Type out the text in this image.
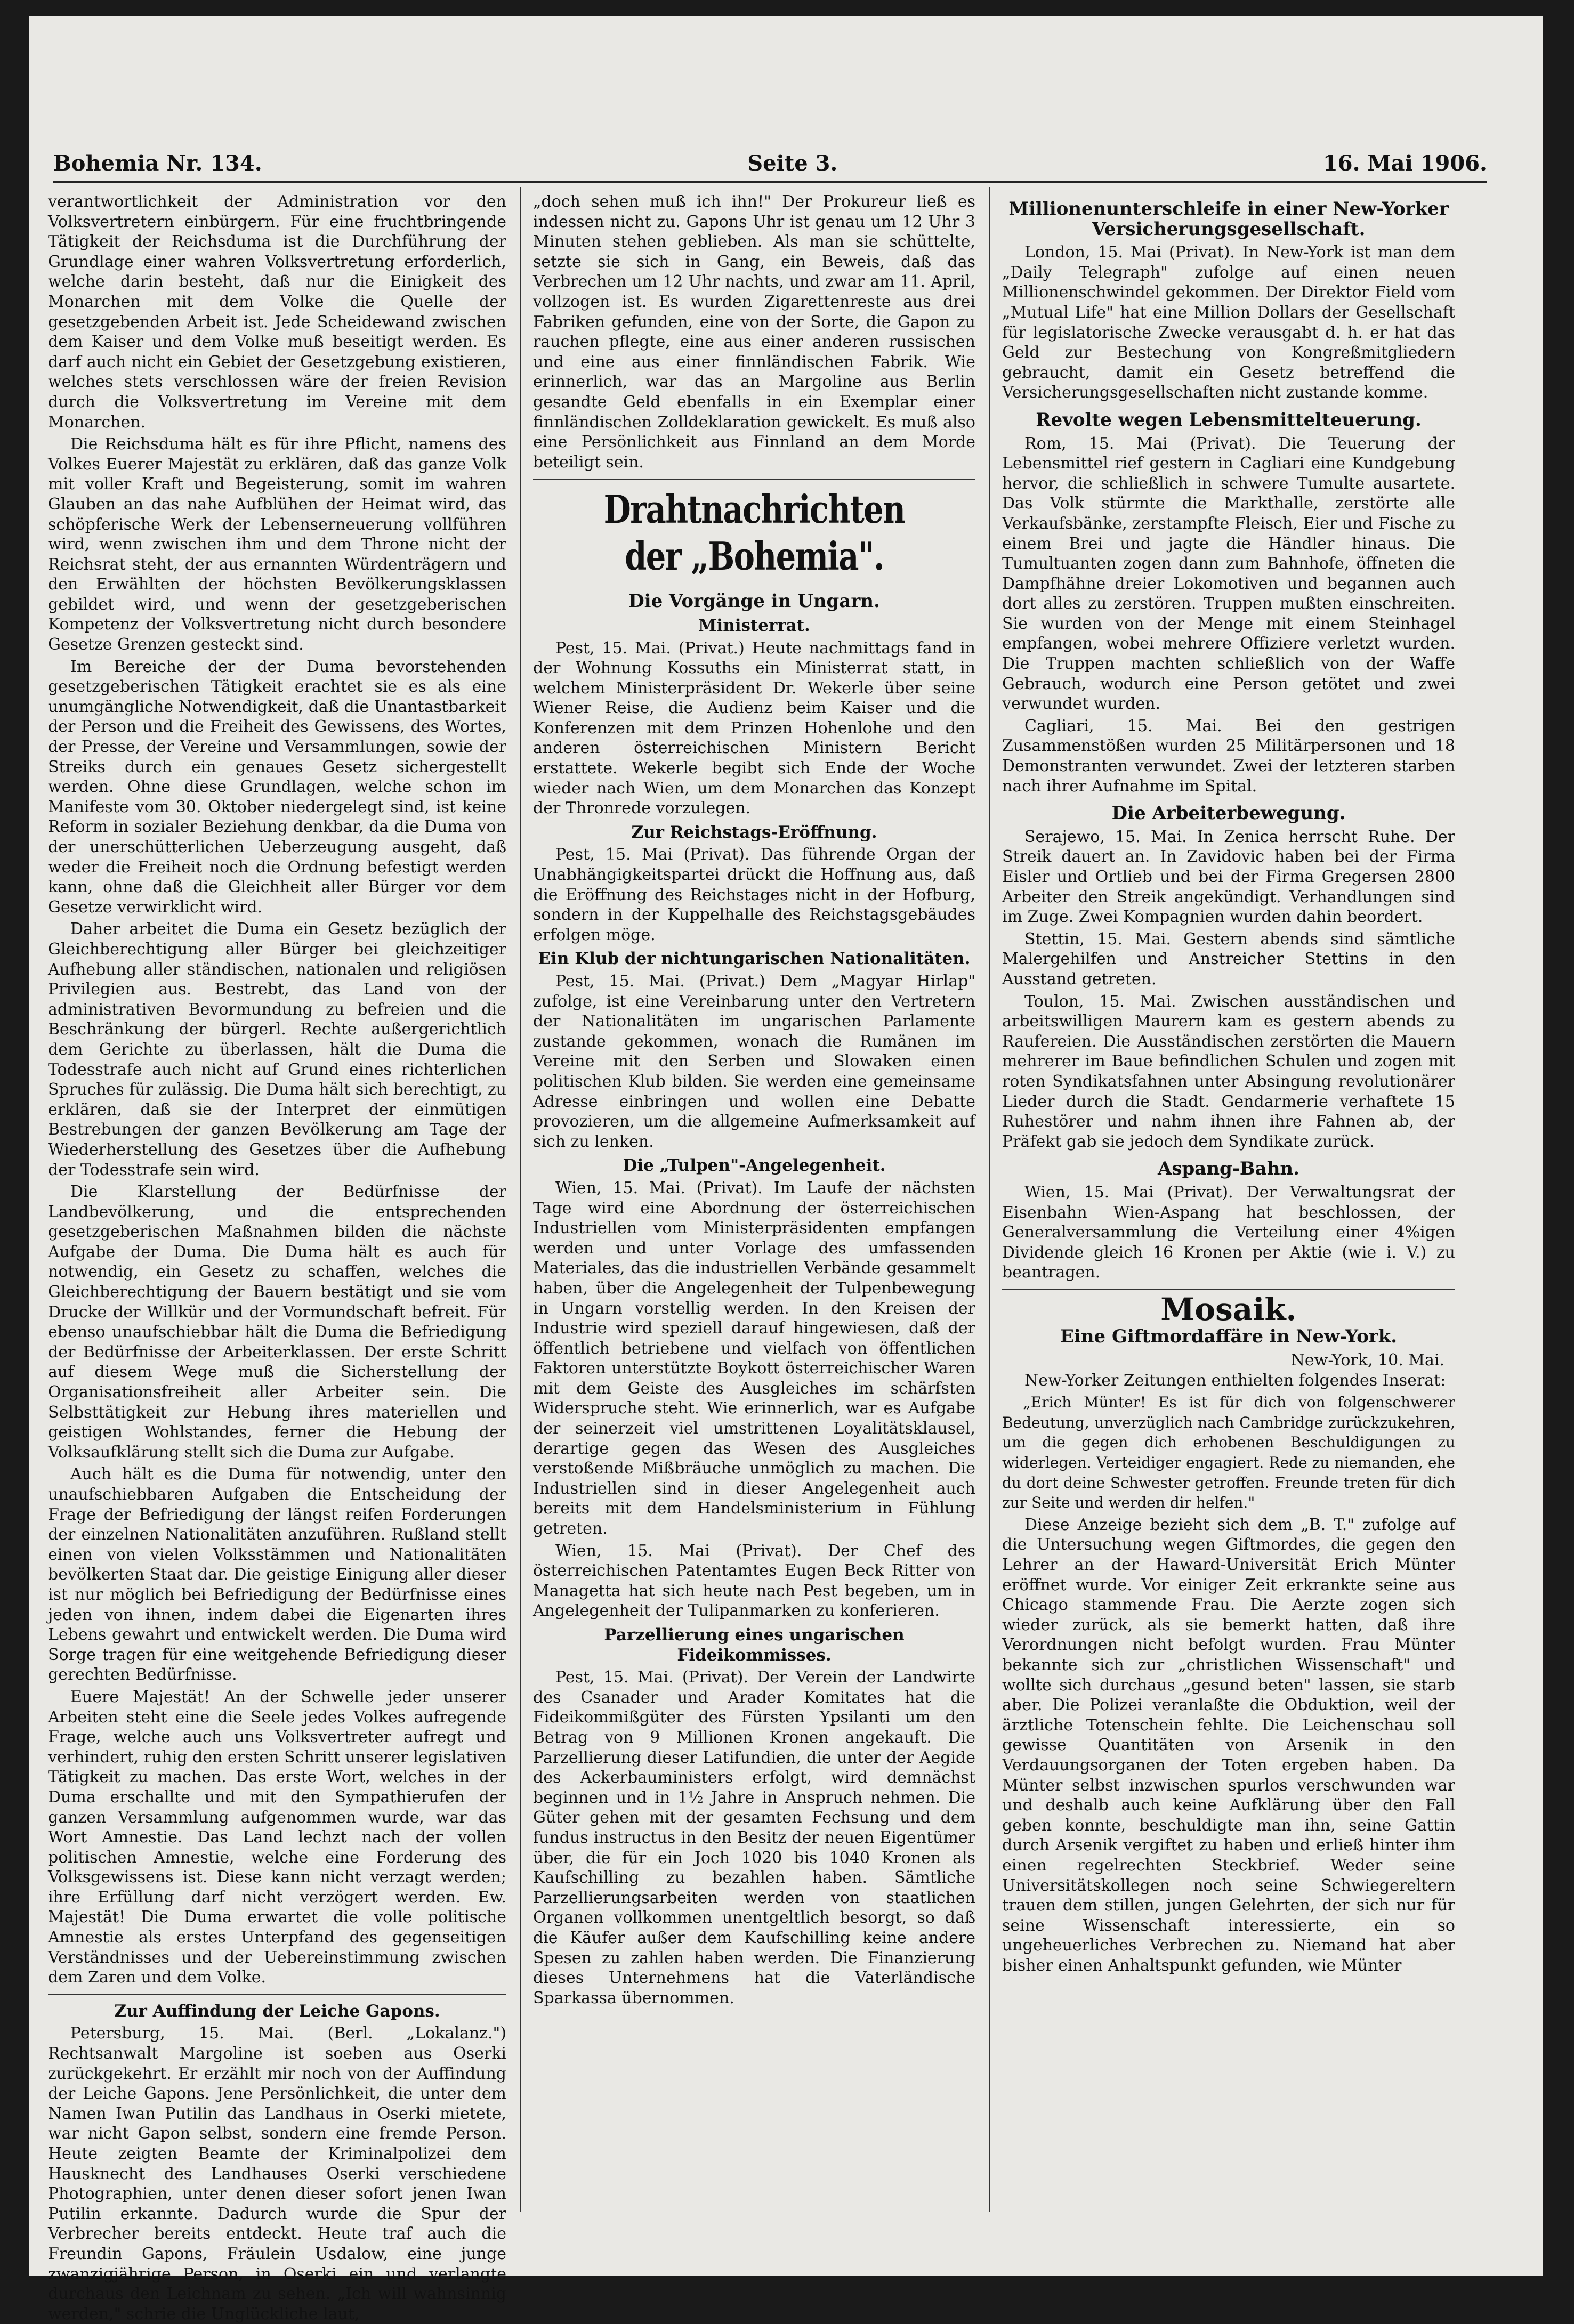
Bohemia Nr. 134.	Seite 3.	16. Mai 1906.

verantwortlichkeit der Administration vor den Volksvertretern einbürgern. Für eine fruchtbringende Tätigkeit der Reichsduma ist die Durchführung der Grundlage einer wahren Volksvertretung erforderlich, welche darin besteht, daß nur die Einigkeit des Monarchen mit dem Volke die Quelle der gesetzgebenden Arbeit ist. Jede Scheidewand zwischen dem Kaiser und dem Volke muß beseitigt werden. Es darf auch nicht ein Gebiet der Gesetzgebung existieren, welches stets verschlossen wäre der freien Revision durch die Volksvertretung im Vereine mit dem Monarchen.

Die Reichsduma hält es für ihre Pflicht, namens des Volkes Euerer Majestät zu erklären, daß das ganze Volk mit voller Kraft und Begeisterung, somit im wahren Glauben an das nahe Aufblühen der Heimat wird, das schöpferische Werk der Lebenserneuerung vollführen wird, wenn zwischen ihm und dem Throne nicht der Reichsrat steht, der aus ernannten Würdenträgern und den Erwählten der höchsten Bevölkerungsklassen gebildet wird, und wenn der gesetzgeberischen Kompetenz der Volksvertretung nicht durch besondere Gesetze Grenzen gesteckt sind.

Im Bereiche der der Duma bevorstehenden gesetzgeberischen Tätigkeit erachtet sie es als eine unumgängliche Notwendigkeit, daß die Unantastbarkeit der Person und die Freiheit des Gewissens, des Wortes, der Presse, der Vereine und Versammlungen, sowie der Streiks durch ein genaues Gesetz sichergestellt werden. Ohne diese Grundlagen, welche schon im Manifeste vom 30. Oktober niedergelegt sind, ist keine Reform in sozialer Beziehung denkbar, da die Duma von der unerschütterlichen Ueberzeugung ausgeht, daß weder die Freiheit noch die Ordnung befestigt werden kann, ohne daß die Gleichheit aller Bürger vor dem Gesetze verwirklicht wird.

Daher arbeitet die Duma ein Gesetz bezüglich der Gleichberechtigung aller Bürger bei gleichzeitiger Aufhebung aller ständischen, nationalen und religiösen Privilegien aus. Bestrebt, das Land von der administrativen Bevormundung zu befreien und die Beschränkung der bürgerl. Rechte außergerichtlich dem Gerichte zu überlassen, hält die Duma die Todesstrafe auch nicht auf Grund eines richterlichen Spruches für zulässig. Die Duma hält sich berechtigt, zu erklären, daß sie der Interpret der einmütigen Bestrebungen der ganzen Bevölkerung am Tage der Wiederherstellung des Gesetzes über die Aufhebung der Todesstrafe sein wird.

Die Klarstellung der Bedürfnisse der Landbevölkerung, und die entsprechenden gesetzgeberischen Maßnahmen bilden die nächste Aufgabe der Duma. Die Duma hält es auch für notwendig, ein Gesetz zu schaffen, welches die Gleichberechtigung der Bauern bestätigt und sie vom Drucke der Willkür und der Vormundschaft befreit. Für ebenso unaufschiebbar hält die Duma die Befriedigung der Bedürfnisse der Arbeiterklassen. Der erste Schritt auf diesem Wege muß die Sicherstellung der Organisationsfreiheit aller Arbeiter sein. Die Selbsttätigkeit zur Hebung ihres materiellen und geistigen Wohlstandes, ferner die Hebung der Volksaufklärung stellt sich die Duma zur Aufgabe.

Auch hält es die Duma für notwendig, unter den unaufschiebbaren Aufgaben die Entscheidung der Frage der Befriedigung der längst reifen Forderungen der einzelnen Nationalitäten anzuführen. Rußland stellt einen von vielen Volksstämmen und Nationalitäten bevölkerten Staat dar. Die geistige Einigung aller dieser ist nur möglich bei Befriedigung der Bedürfnisse eines jeden von ihnen, indem dabei die Eigenarten ihres Lebens gewahrt und entwickelt werden. Die Duma wird Sorge tragen für eine weitgehende Befriedigung dieser gerechten Bedürfnisse.

Euere Majestät! An der Schwelle jeder unserer Arbeiten steht eine die Seele jedes Volkes aufregende Frage, welche auch uns Volksvertreter aufregt und verhindert, ruhig den ersten Schritt unserer legislativen Tätigkeit zu machen. Das erste Wort, welches in der Duma erschallte und mit den Sympathierufen der ganzen Versammlung aufgenommen wurde, war das Wort Amnestie. Das Land lechzt nach der vollen politischen Amnestie, welche eine Forderung des Volksgewissens ist. Diese kann nicht verzagt werden; ihre Erfüllung darf nicht verzögert werden. Ew. Majestät! Die Duma erwartet die volle politische Amnestie als erstes Unterpfand des gegenseitigen Verständnisses und der Uebereinstimmung zwischen dem Zaren und dem Volke.

Zur Auffindung der Leiche Gapons.

Petersburg, 15. Mai. (Berl. „Lokalanz.") Rechtsanwalt Margoline ist soeben aus Oserki zurückgekehrt. Er erzählt mir noch von der Auffindung der Leiche Gapons. Jene Persönlichkeit, die unter dem Namen Iwan Putilin das Landhaus in Oserki mietete, war nicht Gapon selbst, sondern eine fremde Person. Heute zeigten Beamte der Kriminalpolizei dem Hausknecht des Landhauses Oserki verschiedene Photographien, unter denen dieser sofort jenen Iwan Putilin erkannte. Dadurch wurde die Spur der Verbrecher bereits entdeckt. Heute traf auch die Freundin Gapons, Fräulein Usdalow, eine junge zwanzigjährige Person, in Oserki ein und verlangte durchaus den Leichnam zu sehen. „Ich will wahnsinnig werden," schrie die Unglückliche laut,

„doch sehen muß ich ihn!" Der Prokureur ließ es indessen nicht zu. Gapons Uhr ist genau um 12 Uhr 3 Minuten stehen geblieben. Als man sie schüttelte, setzte sie sich in Gang, ein Beweis, daß das Verbrechen um 12 Uhr nachts, und zwar am 11. April, vollzogen ist. Es wurden Zigarettenreste aus drei Fabriken gefunden, eine von der Sorte, die Gapon zu rauchen pflegte, eine aus einer anderen russischen und eine aus einer finnländischen Fabrik. Wie erinnerlich, war das an Margoline aus Berlin gesandte Geld ebenfalls in ein Exemplar einer finnländischen Zolldeklaration gewickelt. Es muß also eine Persönlichkeit aus Finnland an dem Morde beteiligt sein.

Drahtnachrichten der „Bohemia".
Die Vorgänge in Ungarn.
Ministerrat.

Pest, 15. Mai. (Privat.) Heute nachmittags fand in der Wohnung Kossuths ein Ministerrat statt, in welchem Ministerpräsident Dr. Wekerle über seine Wiener Reise, die Audienz beim Kaiser und die Konferenzen mit dem Prinzen Hohenlohe und den anderen österreichischen Ministern Bericht erstattete. Wekerle begibt sich Ende der Woche wieder nach Wien, um dem Monarchen das Konzept der Thronrede vorzulegen.

Zur Reichstags-Eröffnung.

Pest, 15. Mai (Privat). Das führende Organ der Unabhängigkeitspartei drückt die Hoffnung aus, daß die Eröffnung des Reichstages nicht in der Hofburg, sondern in der Kuppelhalle des Reichstagsgebäudes erfolgen möge.

Ein Klub der nichtungarischen Nationalitäten.

Pest, 15. Mai. (Privat.) Dem „Magyar Hirlap" zufolge, ist eine Vereinbarung unter den Vertretern der Nationalitäten im ungarischen Parlamente zustande gekommen, wonach die Rumänen im Vereine mit den Serben und Slowaken einen politischen Klub bilden. Sie werden eine gemeinsame Adresse einbringen und wollen eine Debatte provozieren, um die allgemeine Aufmerksamkeit auf sich zu lenken.

Die „Tulpen"-Angelegenheit.

Wien, 15. Mai. (Privat). Im Laufe der nächsten Tage wird eine Abordnung der österreichischen Industriellen vom Ministerpräsidenten empfangen werden und unter Vorlage des umfassenden Materiales, das die industriellen Verbände gesammelt haben, über die Angelegenheit der Tulpenbewegung in Ungarn vorstellig werden. In den Kreisen der Industrie wird speziell darauf hingewiesen, daß der öffentlich betriebene und vielfach von öffentlichen Faktoren unterstützte Boykott österreichischer Waren mit dem Geiste des Ausgleiches im schärfsten Widerspruche steht. Wie erinnerlich, war es Aufgabe der seinerzeit viel umstrittenen Loyalitätsklausel, derartige gegen das Wesen des Ausgleiches verstoßende Mißbräuche unmöglich zu machen. Die Industriellen sind in dieser Angelegenheit auch bereits mit dem Handelsministerium in Fühlung getreten.

Wien, 15. Mai (Privat). Der Chef des österreichischen Patentamtes Eugen Beck Ritter von Managetta hat sich heute nach Pest begeben, um in Angelegenheit der Tulipanmarken zu konferieren.

Parzellierung eines ungarischen Fideikommisses.

Pest, 15. Mai. (Privat). Der Verein der Landwirte des Csanader und Arader Komitates hat die Fideikommißgüter des Fürsten Ypsilanti um den Betrag von 9 Millionen Kronen angekauft. Die Parzellierung dieser Latifundien, die unter der Aegide des Ackerbauministers erfolgt, wird demnächst beginnen und in 1½ Jahre in Anspruch nehmen. Die Güter gehen mit der gesamten Fechsung und dem fundus instructus in den Besitz der neuen Eigentümer über, die für ein Joch 1020 bis 1040 Kronen als Kaufschilling zu bezahlen haben. Sämtliche Parzellierungsarbeiten werden von staatlichen Organen vollkommen unentgeltlich besorgt, so daß die Käufer außer dem Kaufschilling keine andere Spesen zu zahlen haben werden. Die Finanzierung dieses Unternehmens hat die Vaterländische Sparkassa übernommen.

Millionenunterschleife in einer New-Yorker Versicherungsgesellschaft.

London, 15. Mai (Privat). In New-York ist man dem „Daily Telegraph" zufolge auf einen neuen Millionenschwindel gekommen. Der Direktor Field vom „Mutual Life" hat eine Million Dollars der Gesellschaft für legislatorische Zwecke verausgabt d. h. er hat das Geld zur Bestechung von Kongreßmitgliedern gebraucht, damit ein Gesetz betreffend die Versicherungsgesellschaften nicht zustande komme.

Revolte wegen Lebensmittelteuerung.

Rom, 15. Mai (Privat). Die Teuerung der Lebensmittel rief gestern in Cagliari eine Kundgebung hervor, die schließlich in schwere Tumulte ausartete. Das Volk stürmte die Markthalle, zerstörte alle Verkaufsbänke, zerstampfte Fleisch, Eier und Fische zu einem Brei und jagte die Händler hinaus. Die Tumultuanten zogen dann zum Bahnhofe, öffneten die Dampfhähne dreier Lokomotiven und begannen auch dort alles zu zerstören. Truppen mußten einschreiten. Sie wurden von der Menge mit einem Steinhagel empfangen, wobei mehrere Offiziere verletzt wurden. Die Truppen machten schließlich von der Waffe Gebrauch, wodurch eine Person getötet und zwei verwundet wurden.

Cagliari, 15. Mai. Bei den gestrigen Zusammenstößen wurden 25 Militärpersonen und 18 Demonstranten verwundet. Zwei der letzteren starben nach ihrer Aufnahme im Spital.

Die Arbeiterbewegung.

Serajewo, 15. Mai. In Zenica herrscht Ruhe. Der Streik dauert an. In Zavidovic haben bei der Firma Eisler und Ortlieb und bei der Firma Gregersen 2800 Arbeiter den Streik angekündigt. Verhandlungen sind im Zuge. Zwei Kompagnien wurden dahin beordert.

Stettin, 15. Mai. Gestern abends sind sämtliche Malergehilfen und Anstreicher Stettins in den Ausstand getreten.

Toulon, 15. Mai. Zwischen ausständischen und arbeitswilligen Maurern kam es gestern abends zu Raufereien. Die Ausständischen zerstörten die Mauern mehrerer im Baue befindlichen Schulen und zogen mit roten Syndikatsfahnen unter Absingung revolutionärer Lieder durch die Stadt. Gendarmerie verhaftete 15 Ruhestörer und nahm ihnen ihre Fahnen ab, der Präfekt gab sie jedoch dem Syndikate zurück.

Aspang-Bahn.

Wien, 15. Mai (Privat). Der Verwaltungsrat der Eisenbahn Wien-Aspang hat beschlossen, der Generalversammlung die Verteilung einer 4%igen Dividende gleich 16 Kronen per Aktie (wie i. V.) zu beantragen.

Mosaik.
Eine Giftmordaffäre in New-York.
New-York, 10. Mai.

New-Yorker Zeitungen enthielten folgendes Inserat:

„Erich Münter! Es ist für dich von folgenschwerer Bedeutung, unverzüglich nach Cambridge zurückzukehren, um die gegen dich erhobenen Beschuldigungen zu widerlegen. Verteidiger engagiert. Rede zu niemanden, ehe du dort deine Schwester getroffen. Freunde treten für dich zur Seite und werden dir helfen."

Diese Anzeige bezieht sich dem „B. T." zufolge auf die Untersuchung wegen Giftmordes, die gegen den Lehrer an der Haward-Universität Erich Münter eröffnet wurde. Vor einiger Zeit erkrankte seine aus Chicago stammende Frau. Die Aerzte zogen sich wieder zurück, als sie bemerkt hatten, daß ihre Verordnungen nicht befolgt wurden. Frau Münter bekannte sich zur „christlichen Wissenschaft" und wollte sich durchaus „gesund beten" lassen, sie starb aber. Die Polizei veranlaßte die Obduktion, weil der ärztliche Totenschein fehlte. Die Leichenschau soll gewisse Quantitäten von Arsenik in den Verdauungsorganen der Toten ergeben haben. Da Münter selbst inzwischen spurlos verschwunden war und deshalb auch keine Aufklärung über den Fall geben konnte, beschuldigte man ihn, seine Gattin durch Arsenik vergiftet zu haben und erließ hinter ihm einen regelrechten Steckbrief. Weder seine Universitätskollegen noch seine Schwiegereltern trauen dem stillen, jungen Gelehrten, der sich nur für seine Wissenschaft interessierte, ein so ungeheuerliches Verbrechen zu. Niemand hat aber bisher einen Anhaltspunkt gefunden, wie Münter
